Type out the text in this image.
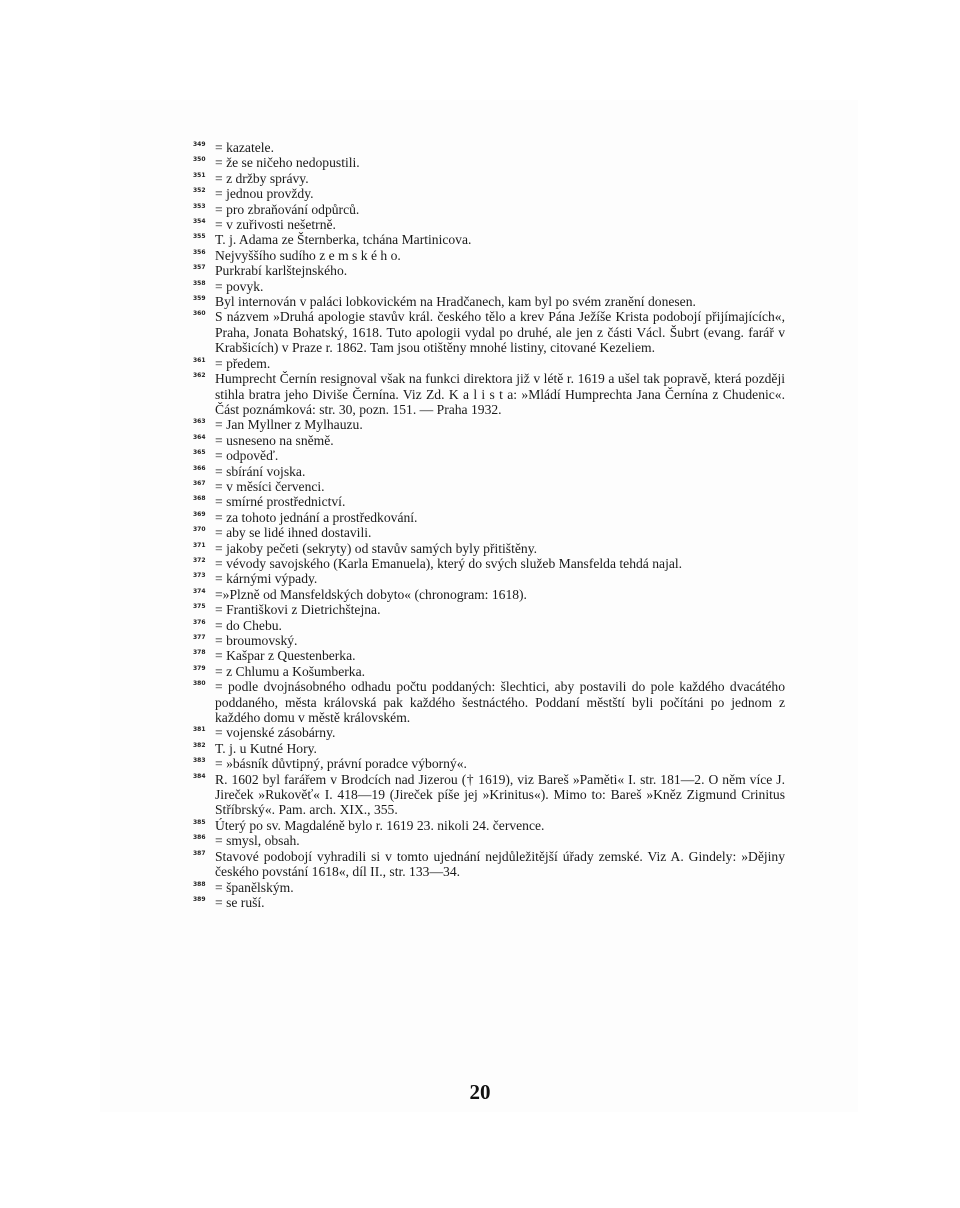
349 = kazatele.
350 = že se ničeho nedopustili.
351 = z držby správy.
352 = jednou provždy.
353 = pro zbraňování odpůrců.
354 = v zuřivosti nešetrně.
355 T. j. Adama ze Šternberka, tchána Martinicova.
356 Nejvyššího sudího z e m s k é h o.
357 Purkrabí karlštejnského.
358 = povyk.
359 Byl internován v paláci lobkovickém na Hradčanech, kam byl po svém zranění donesen.
360 S názvem »Druhá apologie stavův král. českého tělo a krev Pána Ježíše Krista podobojí přijímajících«, Praha, Jonata Bohatský, 1618. Tuto apologii vydal po druhé, ale jen z části Václ. Šubrt (evang. farář v Krabšicích) v Praze r. 1862. Tam jsou otištěny mnohé listiny, citované Kezeliem.
361 = předem.
362 Humprecht Černín resignoval však na funkci direktora již v létě r. 1619 a ušel tak popravě, která později stihla bratra jeho Diviše Černína. Viz Zd. K a l i s t a: »Mládí Humprechta Jana Černína z Chudenic«. Část poznámková: str. 30, pozn. 151. — Praha 1932.
363 = Jan Myllner z Mylhauzu.
364 = usneseno na sněmě.
365 = odpověď.
366 = sbírání vojska.
367 = v měsíci červenci.
368 = smírné prostřednictví.
369 = za tohoto jednání a prostředkování.
370 = aby se lidé ihned dostavili.
371 = jakoby pečeti (sekryty) od stavův samých byly přitištěny.
372 = vévody savojského (Karla Emanuela), který do svých služeb Mansfelda tehdá najal.
373 = kárnými výpady.
374 =»Plzně od Mansfeldských dobyto« (chronogram: 1618).
375 = Františkovi z Dietrichštejna.
376 = do Chebu.
377 = broumovský.
378 = Kašpar z Questenberka.
379 = z Chlumu a Košumberka.
380 = podle dvojnásobného odhadu počtu poddaných: šlechtici, aby postavili do pole každého dvacátého poddaného, města královská pak každého šestnáctého. Poddaní městští byli počítáni po jednom z každého domu v městě královském.
381 = vojenské zásobárny.
382 T. j. u Kutné Hory.
383 = »básník důvtipný, právní poradce výborný«.
384 R. 1602 byl farářem v Brodcích nad Jizerou († 1619), viz Bareš »Paměti« I. str. 181—2. O něm více J. Jireček »Rukověť« I. 418—19 (Jireček píše jej »Krinitus«). Mimo to: Bareš »Kněz Zigmund Crinitus Stříbrský«. Pam. arch. XIX., 355.
385 Úterý po sv. Magdaléně bylo r. 1619 23. nikoli 24. července.
386 = smysl, obsah.
387 Stavové podobojí vyhradili si v tomto ujednání nejdůležitější úřady zemské. Viz A. Gindely: »Dějiny českého povstání 1618«, díl II., str. 133—34.
388 = španělským.
389 = se ruší.
20
